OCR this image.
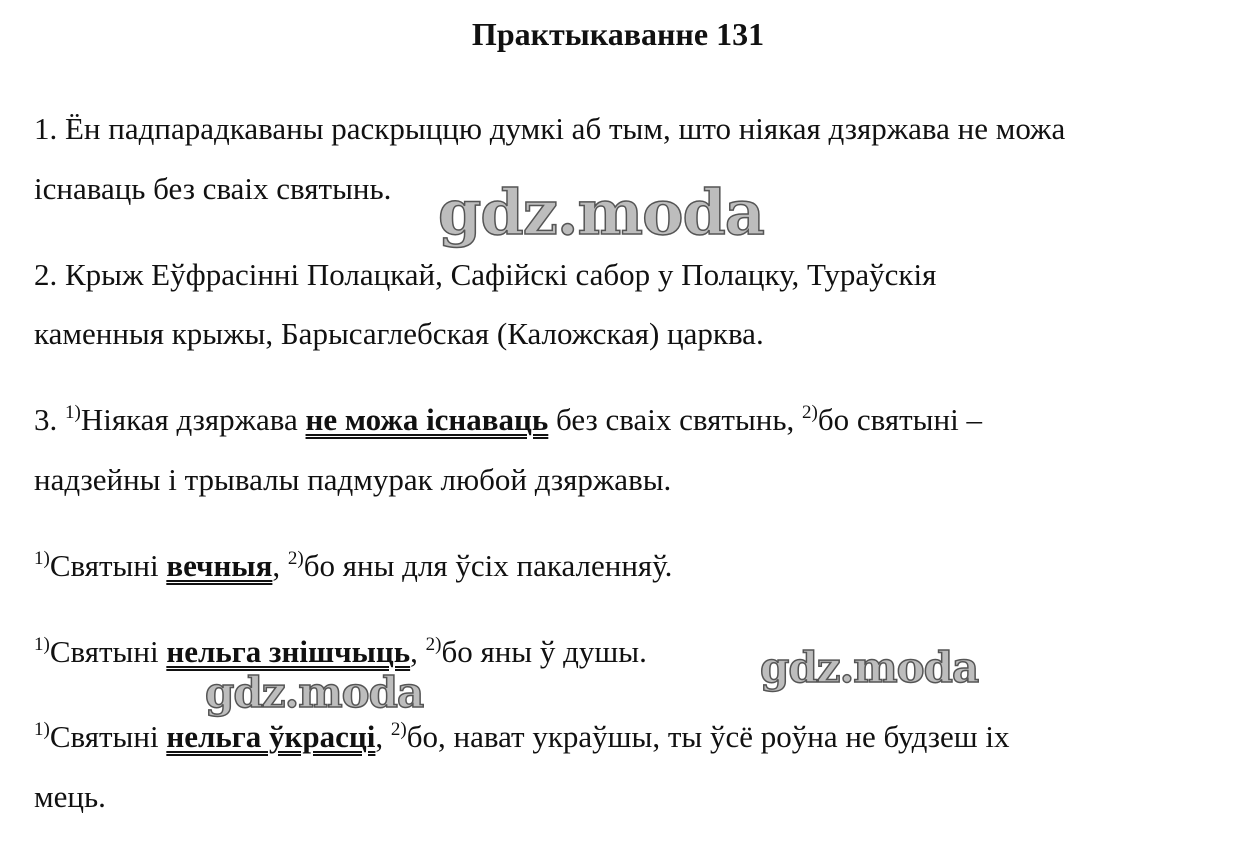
Практыкаванне 131
1. Ён падпарадкаваны раскрыццю думкі аб тым, што ніякая дзяржава не можа
існаваць без сваіх святынь.
2. Крыж Еўфрасінні Полацкай, Сафійскі сабор у Полацку, Тураўскія
каменныя крыжы, Барысаглебская (Каложская) царква.
3. $^{1)}$Ніякая дзяржава не можа існаваць без сваіх святынь, $^{2)}$бо святыні –
надзейны і трывалы падмурак любой дзяржавы.
$^{1)}$Святыні вечныя, $^{2)}$бо яны для ўсіх пакаленняў.
$^{1)}$Святыні нельга знішчыць, $^{2)}$бо яны ў душы.
$^{1)}$Святыні нельга ўкрасці, $^{2)}$бо, нават украўшы, ты ўсё роўна не будзеш іх
мець.
gdz.moda
gdz.moda
gdz.moda
